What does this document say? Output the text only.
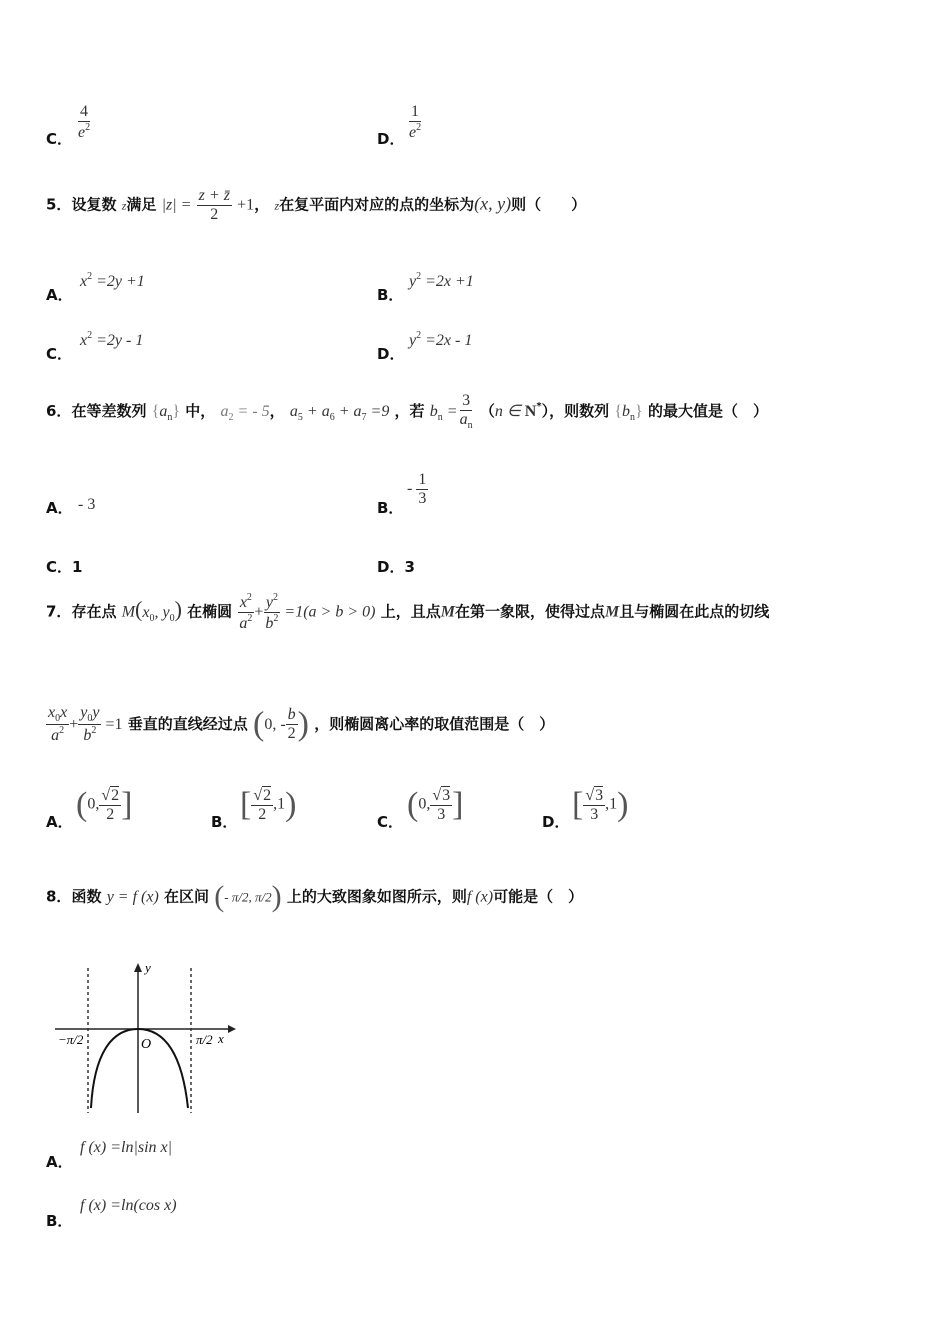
C． $\frac{4}{e^2}$	D． $\frac{1}{e^2}$
5．设复数 z满足 $|z| = \frac{z + z̄}{2} +1$， z在复平面内对应的点的坐标为(x, y)则（　　）
A．
$x^2 =2y +1$
B．
$y^2 =2x +1$
C．
$x^2 =2y - 1$
D．
$y^2 =2x - 1$
6．在等差数列 $\{a_n\}$ 中， $a_2$ = - 5， $a_5 + a_6 + a_7 =9$ ，若 $b_n = \frac{3}{a_n} (n$ ∈ N*），则数列 $\{b_n\}$ 的最大值是（　）
A． - 3	B．
- $\frac{1}{3}$
C．1	D．3
7．存在点 $M(x_0$, $y_0$) 在椭圆 $\frac{x^2}{a^2} + \frac{y^2}{b^2} =1(a > b > 0)$ 上，且点M在第一象限，使得过点M且与椭圆在此点的切线
$\frac{x_0x}{a^2} + \frac{y_0y}{b^2} =1$ 垂直的直线经过点 (0, - $\frac{b}{2}$ ) ，则椭圆离心率的取值范围是（　）
A． (0, $\frac{√2}{2}$ ]	B． [ $\frac{√2}{2} ,1$)	C． (0, $\frac{√3}{3}$ ]	D． [ $\frac{√3}{3} ,1$)
8．函数 y = f (x) 在区间 (- π/2, π/2) 上的大致图象如图所示，则f (x)可能是（　）
y
x
O
−π/2	π/2
A．
f (x) =ln|sin x|
B．
f (x) =ln(cos x)
